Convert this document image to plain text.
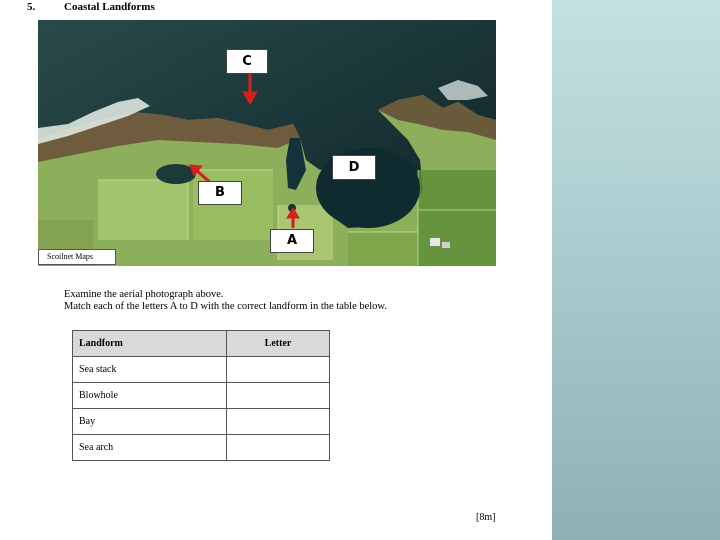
5.	Coastal Landforms
C
D
B
A
Scoilnet Maps
Examine the aerial photograph above.
Match each of the letters A to D with the correct landform in the table below.
Landform	Letter
Sea stack	
Blowhole	
Bay	
Sea arch	
[8m]
